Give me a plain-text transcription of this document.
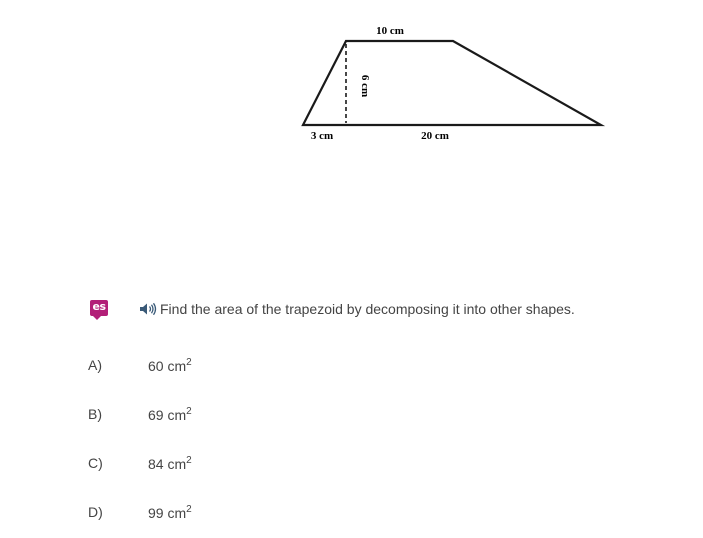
10 cm
6 cm
3 cm	20 cm
es	Find the area of the trapezoid by decomposing it into other shapes.
A)	60 $cm^2$
B)	69 $cm^2$
C)	84 $cm^2$
D)	99 $cm^2$
